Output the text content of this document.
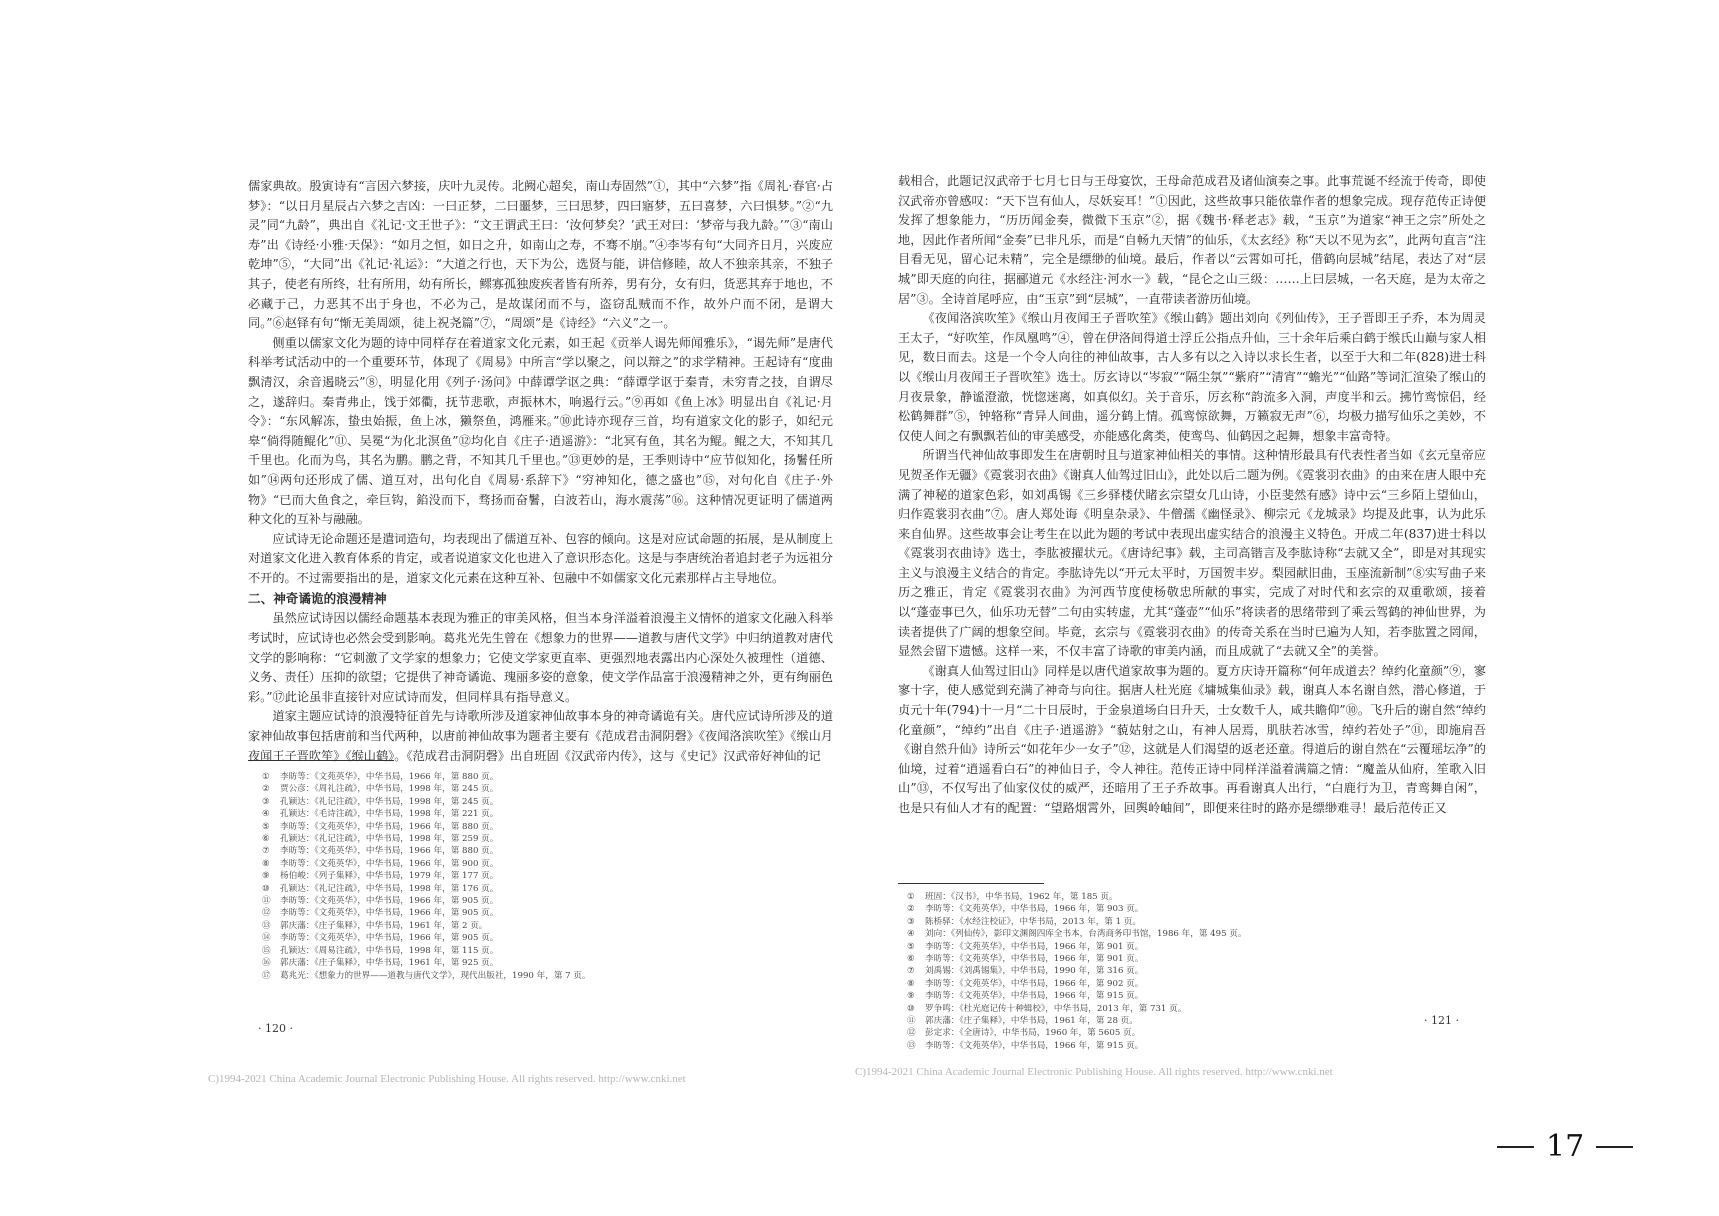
儒家典故。殷寅诗有“言因六梦接，庆叶九灵传。北阙心超矣，南山寿固然”①，其中“六梦”指《周礼·春官·占梦》：“以日月星辰占六梦之吉凶：一曰正梦，二曰噩梦，三曰思梦，四曰寤梦，五曰喜梦，六曰惧梦。”②“九灵”同“九龄”，典出自《礼记·文王世子》：“文王谓武王曰：‘汝何梦矣？’武王对曰：‘梦帝与我九龄。’”③“南山寿”出《诗经·小雅·天保》：“如月之恒，如日之升，如南山之寿，不骞不崩。”④李岑有句“大同齐日月，兴废应乾坤”⑤，“大同”出《礼记·礼运》：“大道之行也，天下为公，选贤与能，讲信修睦，故人不独亲其亲，不独子其子，使老有所终，壮有所用，幼有所长，鳏寡孤独废疾者皆有所养，男有分，女有归，货恶其弃于地也，不必藏于己，力恶其不出于身也，不必为己，是故谋闭而不与，盗窃乱贼而不作，故外户而不闭，是谓大同。”⑥赵铎有句“惭无美周颂，徒上祝尧篇”⑦，“周颂”是《诗经》“六义”之一。

侧重以儒家文化为题的诗中同样存在着道家文化元素，如王起《贡举人谒先师闻雅乐》，“谒先师”是唐代科举考试活动中的一个重要环节，体现了《周易》中所言“学以聚之，问以辩之”的求学精神。王起诗有“度曲飘清汉，余音遏晓云”⑧，明显化用《列子·汤问》中薛谭学讴之典：“薛谭学讴于秦青，未穷青之技，自谓尽之，遂辞归。秦青弗止，饯于郊衢，抚节悲歌，声振林木，响遏行云。”⑨再如《鱼上冰》明显出自《礼记·月令》：“东风解冻，蛰虫始振，鱼上冰，獭祭鱼，鸿雁来。”⑩此诗亦现存三首，均有道家文化的影子，如纪元皋“倘得随鲲化”⑪、吴冕“为化北溟鱼”⑫均化自《庄子·逍遥游》：“北冥有鱼，其名为鲲。鲲之大，不知其几千里也。化而为鸟，其名为鹏。鹏之背，不知其几千里也。”⑬更妙的是，王季则诗中“应节似知化，扬鬐任所如”⑭两句还形成了儒、道互对，出句化自《周易·系辞下》“穷神知化，德之盛也”⑮，对句化自《庄子·外物》“已而大鱼食之，牵巨钩，錎没而下，骛扬而奋鬐，白波若山，海水震荡”⑯。这种情况更证明了儒道两种文化的互补与融融。

应试诗无论命题还是遣词造句，均表现出了儒道互补、包容的倾向。这是对应试命题的拓展，是从制度上对道家文化进入教育体系的肯定，或者说道家文化也进入了意识形态化。这是与李唐统治者追封老子为远祖分不开的。不过需要指出的是，道家文化元素在这种互补、包融中不如儒家文化元素那样占主导地位。

二、神奇谲诡的浪漫精神

虽然应试诗因以儒经命题基本表现为雅正的审美风格，但当本身洋溢着浪漫主义情怀的道家文化融入科举考试时，应试诗也必然会受到影响。葛兆光先生曾在《想象力的世界——道教与唐代文学》中归纳道教对唐代文学的影响称：“它刺激了文学家的想象力；它使文学家更直率、更强烈地表露出内心深处久被理性（道德、义务、责任）压抑的欲望；它提供了神奇谲诡、瑰丽多姿的意象，使文学作品富于浪漫精神之外，更有绚丽色彩。”⑰此论虽非直接针对应试诗而发，但同样具有指导意义。

道家主题应试诗的浪漫特征首先与诗歌所涉及道家神仙故事本身的神奇谲诡有关。唐代应试诗所涉及的道家神仙故事包括唐前和当代两种，以唐前神仙故事为题者主要有《范成君击洞阴磬》《夜闻洛滨吹笙》《缑山月夜闻王子晋吹笙》《缑山鹤》。《范成君击洞阴磬》出自班固《汉武帝内传》，这与《史记》汉武帝好神仙的记

① 李昉等：《文苑英华》，中华书局，1966 年，第 880 页。
② 贾公彦：《周礼注疏》，中华书局，1998 年，第 245 页。
③ 孔颖达：《礼记注疏》，中华书局，1998 年，第 245 页。
④ 孔颖达：《毛诗注疏》，中华书局，1998 年，第 221 页。
⑤ 李昉等：《文苑英华》，中华书局，1966 年，第 880 页。
⑥ 孔颖达：《礼记注疏》，中华书局，1998 年，第 259 页。
⑦ 李昉等：《文苑英华》，中华书局，1966 年，第 880 页。
⑧ 李昉等：《文苑英华》，中华书局，1966 年，第 900 页。
⑨ 杨伯峻：《列子集释》，中华书局，1979 年，第 177 页。
⑩ 孔颖达：《礼记注疏》，中华书局，1998 年，第 176 页。
⑪ 李昉等：《文苑英华》，中华书局，1966 年，第 905 页。
⑫ 李昉等：《文苑英华》，中华书局，1966 年，第 905 页。
⑬ 郭庆藩：《庄子集释》，中华书局，1961 年，第 2 页。
⑭ 李昉等：《文苑英华》，中华书局，1966 年，第 905 页。
⑮ 孔颖达：《周易注疏》，中华书局，1998 年，第 115 页。
⑯ 郭庆藩：《庄子集释》，中华书局，1961 年，第 925 页。
⑰ 葛兆光：《想象力的世界——道教与唐代文学》，现代出版社，1990 年，第 7 页。
· 120 ·
C)1994-2021 China Academic Journal Electronic Publishing House. All rights reserved. http://www.cnki.net

载相合，此题记汉武帝于七月七日与王母宴饮，王母命范成君及诸仙演奏之事。此事荒诞不经流于传奇，即使汉武帝亦曾感叹：“天下岂有仙人，尽妖妄耳！”①因此，这些故事只能依靠作者的想象完成。现存范传正诗便发挥了想象能力，“历历闻金奏，微微下玉京”②，据《魏书·释老志》载，“玉京”为道家“神王之宗”所处之地，因此作者所闻“金奏”已非凡乐，而是“自畅九天情”的仙乐，《太玄经》称“天以不见为玄”，此两句直言“注目看无见，留心记未精”，完全是缥缈的仙境。最后，作者以“云霄如可托，借鹤向层城”结尾，表达了对“层城”即天庭的向往，据郦道元《水经注·河水一》载，“昆仑之山三级：……上曰层城，一名天庭，是为太帝之居”③。全诗首尾呼应，由“玉京”到“层城”，一直带读者游历仙境。

《夜闻洛滨吹笙》《缑山月夜闻王子晋吹笙》《缑山鹤》题出刘向《列仙传》，王子晋即王子乔，本为周灵王太子，“好吹笙，作凤凰鸣”④，曾在伊洛间得道士浮丘公指点升仙，三十余年后乘白鹤于缑氏山巅与家人相见，数日而去。这是一个令人向往的神仙故事，古人多有以之入诗以求长生者，以至于大和二年(828)进士科以《缑山月夜闻王子晋吹笙》选士。厉玄诗以“岑寂”“隔尘氛”“紫府”“清宵”“蟾光”“仙路”等词汇渲染了缑山的月夜景象，静谧澄澈，恍惚迷离，如真似幻。关于音乐，厉玄称“韵流多入洞，声度半和云。拂竹鸾惊侣，经松鹤舞群”⑤，钟辂称“青异人间曲，遥分鹤上情。孤鸾惊欲舞，万籁寂无声”⑥，均极力描写仙乐之美妙，不仅使人间之有飘飘若仙的审美感受，亦能感化禽类，使鸾鸟、仙鹤因之起舞，想象丰富奇特。

所谓当代神仙故事即发生在唐朝时且与道家神仙相关的事情。这种情形最具有代表性者当如《玄元皇帝应见贺圣作无疆》《霓裳羽衣曲》《谢真人仙驾过旧山》，此处以后二题为例。《霓裳羽衣曲》的由来在唐人眼中充满了神秘的道家色彩，如刘禹锡《三乡驿楼伏睹玄宗望女几山诗，小臣斐然有感》诗中云“三乡陌上望仙山，归作霓裳羽衣曲”⑦。唐人郑处诲《明皇杂录》、牛僧孺《幽怪录》、柳宗元《龙城录》均提及此事，认为此乐来自仙界。这些故事会让考生在以此为题的考试中表现出虚实结合的浪漫主义特色。开成二年(837)进士科以《霓裳羽衣曲诗》选士，李肱被擢状元。《唐诗纪事》载，主司高锴言及李肱诗称“去就又全”，即是对其现实主义与浪漫主义结合的肯定。李肱诗先以“开元太平时，万国贺丰岁。梨园献旧曲，玉座流新制”⑧实写曲子来历之雅正，肯定《霓裳羽衣曲》为河西节度使杨敬忠所献的事实，完成了对时代和玄宗的双重歌颂，接着以“蓬壶事已久，仙乐功无替”二句由实转虚，尤其“蓬壶”“仙乐”将读者的思绪带到了乘云驾鹤的神仙世界，为读者提供了广阔的想象空间。毕竟，玄宗与《霓裳羽衣曲》的传奇关系在当时已遍为人知，若李肱置之罔闻，显然会留下遗憾。这样一来，不仅丰富了诗歌的审美内涵，而且成就了“去就又全”的美誉。

《谢真人仙驾过旧山》同样是以唐代道家故事为题的。夏方庆诗开篇称“何年成道去？绰约化童颜”⑨，寥寥十字，使人感觉到充满了神奇与向往。据唐人杜光庭《墉城集仙录》载，谢真人本名谢自然，潜心修道，于贞元十年(794)十一月“二十日辰时，于金泉道场白日升天，士女数千人，咸共瞻仰”⑩。飞升后的谢自然“绰约化童颜”，“绰约”出自《庄子·逍遥游》“藐姑射之山，有神人居焉，肌肤若冰雪，绰约若处子”⑪，即施肩吾《谢自然升仙》诗所云“如花年少一女子”⑫，这就是人们渴望的返老还童。得道后的谢自然在“云覆瑶坛净”的仙境，过着“逍遥看白石”的神仙日子，令人神往。范传正诗中同样洋溢着满篇之情：“魔盖从仙府，笙歌入旧山”⑬，不仅写出了仙家仪仗的威严，还暗用了王子乔故事。再看谢真人出行，“白鹿行为卫，青鸾舞自闲”，也是只有仙人才有的配置：“望路烟霄外，回舆岭岫间”，即便来往时的路亦是缥缈难寻！最后范传正又

① 班固：《汉书》，中华书局，1962 年，第 185 页。
② 李昉等：《文苑英华》，中华书局，1966 年，第 903 页。
③ 陈桥驿：《水经注校证》，中华书局，2013 年，第 1 页。
④ 刘向：《列仙传》，影印文渊阁四库全书本，台湾商务印书馆，1986 年，第 495 页。
⑤ 李昉等：《文苑英华》，中华书局，1966 年，第 901 页。
⑥ 李昉等：《文苑英华》，中华书局，1966 年，第 901 页。
⑦ 刘禹锡：《刘禹锡集》，中华书局，1990 年，第 316 页。
⑧ 李昉等：《文苑英华》，中华书局，1966 年，第 902 页。
⑨ 李昉等：《文苑英华》，中华书局，1966 年，第 915 页。
⑩ 罗争鸣：《杜光庭记传十种辑校》，中华书局，2013 年，第 731 页。
⑪ 郭庆藩：《庄子集释》，中华书局，1961 年，第 28 页。
⑫ 彭定求：《全唐诗》，中华书局，1960 年，第 5605 页。
⑬ 李昉等：《文苑英华》，中华书局，1966 年，第 915 页。
· 121 ·
C)1994-2021 China Academic Journal Electronic Publishing House. All rights reserved. http://www.cnki.net
17
